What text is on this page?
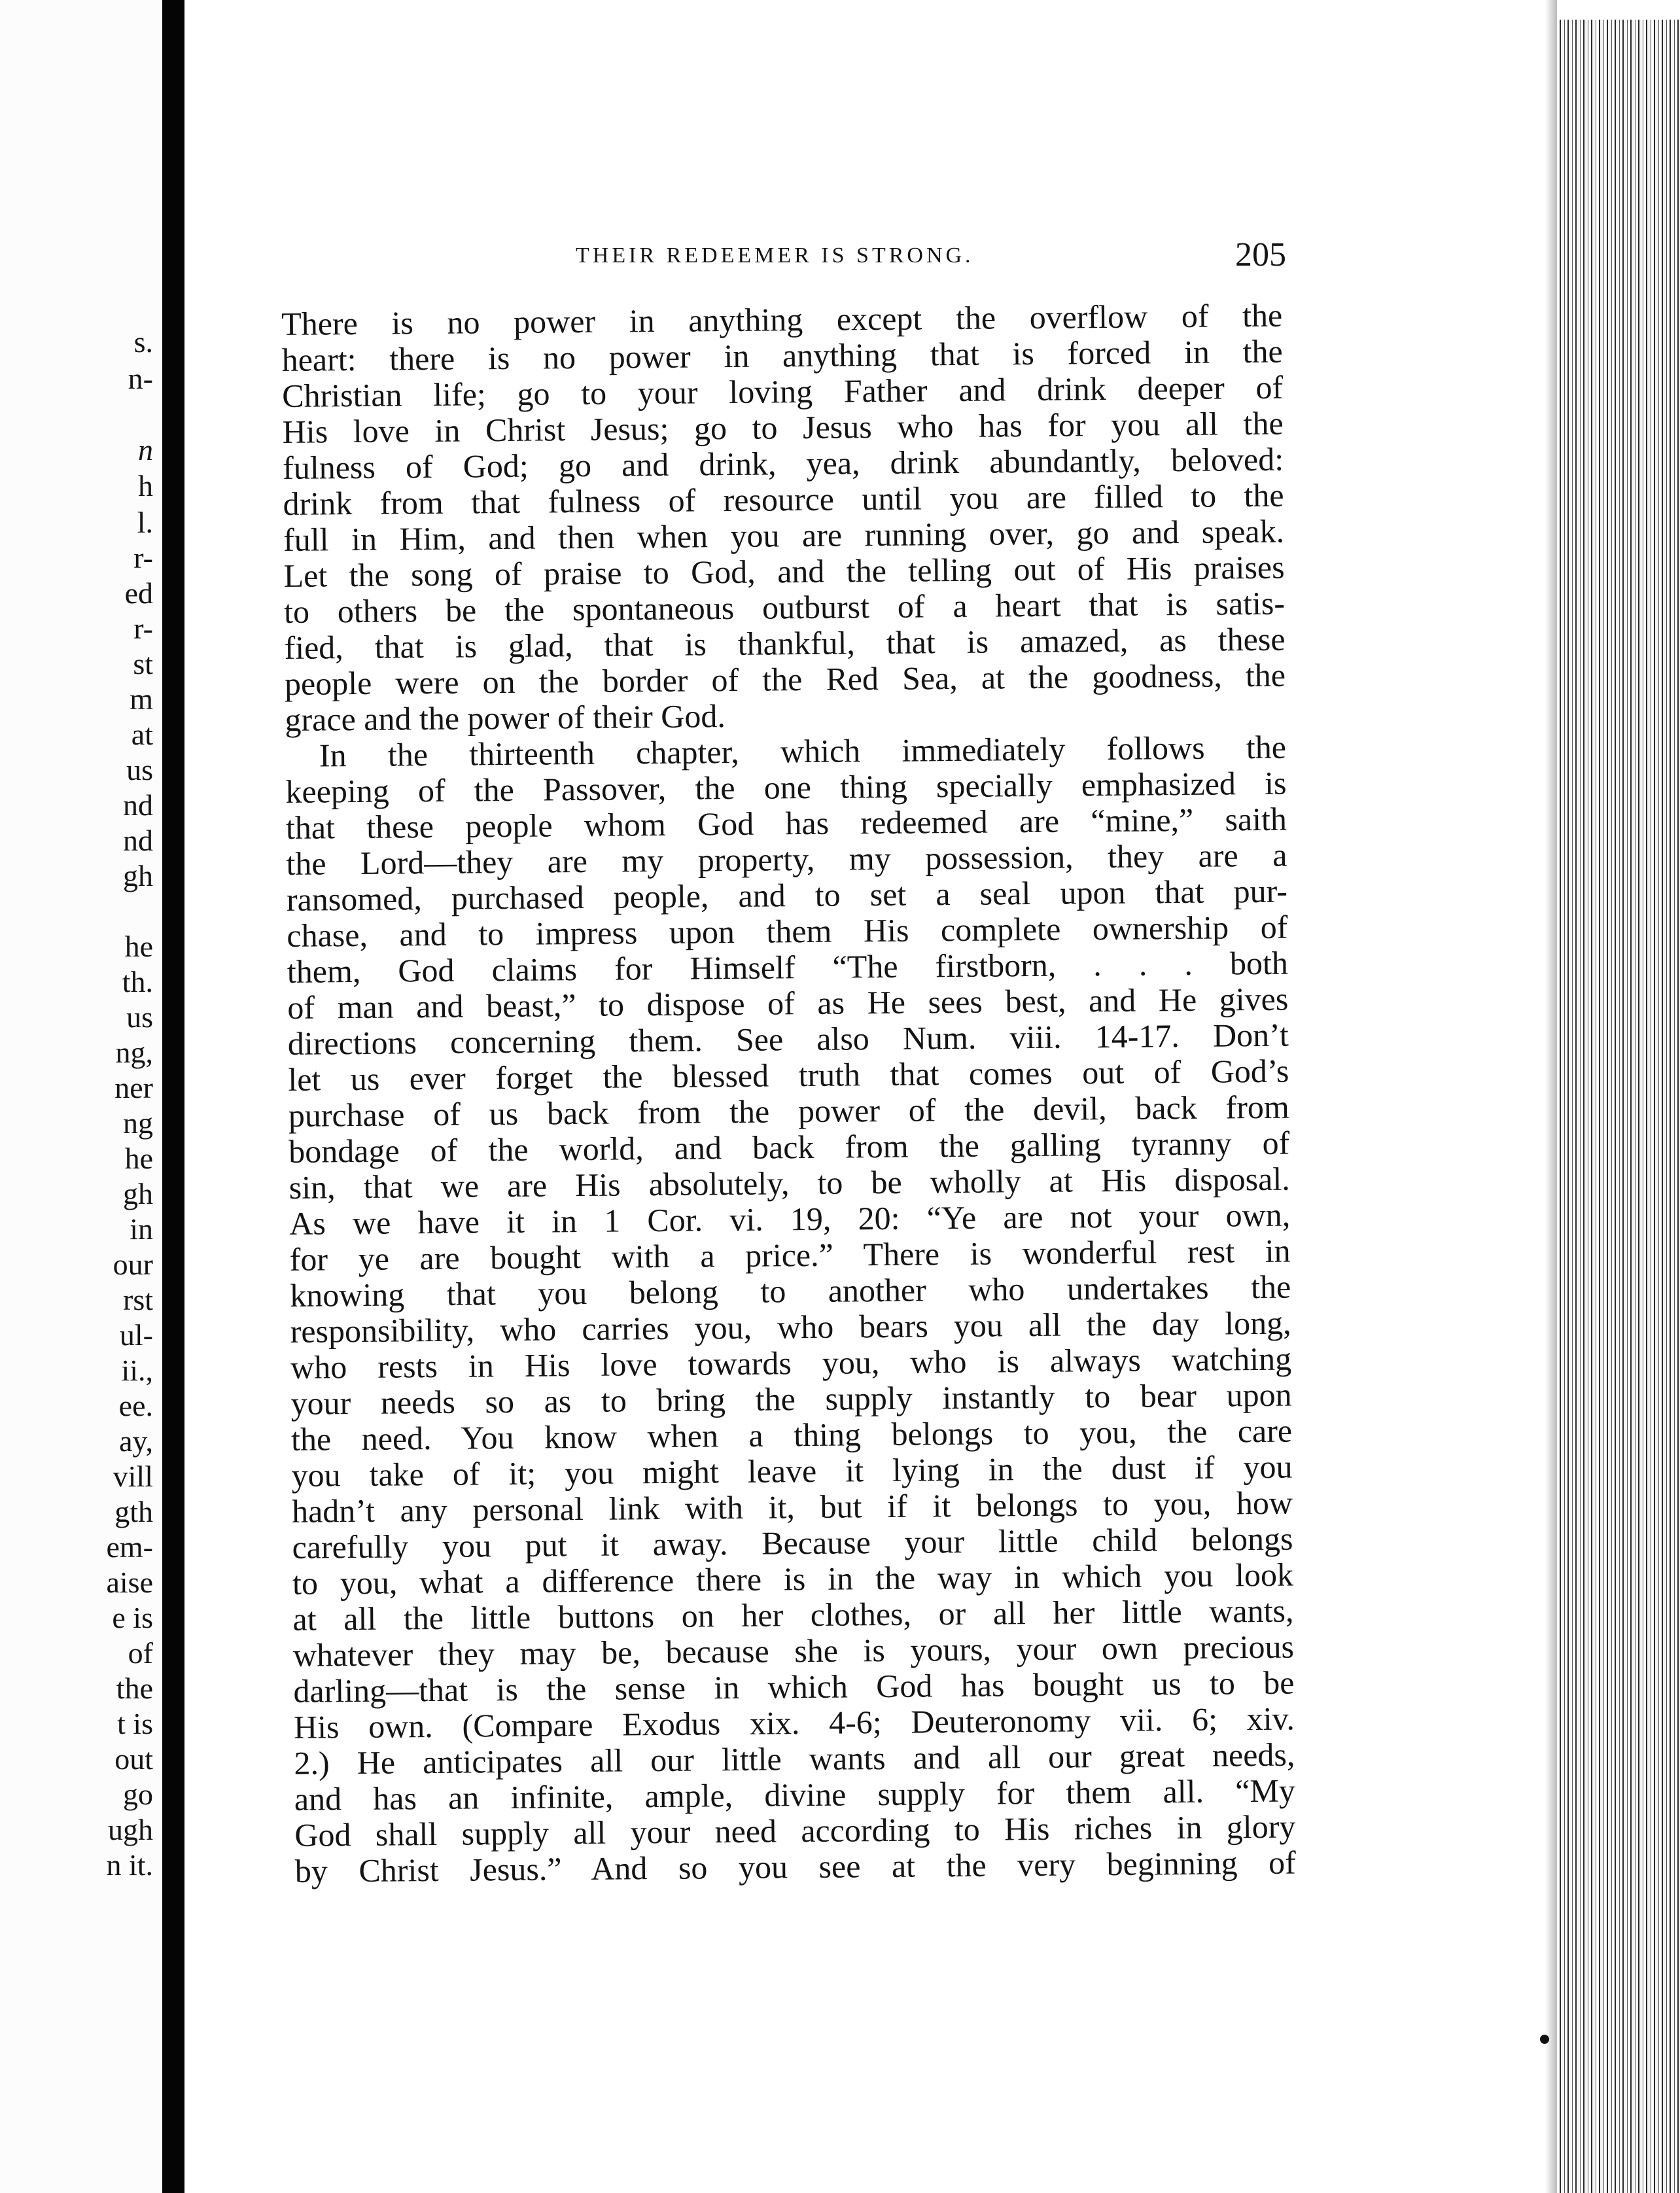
s.
n-
n
h
l.
r-
ed
r-
st
m
at
us
nd
nd
gh
he
th.
us
ng,
ner
ng
he
gh
in
our
rst
ul-
ii.,
ee.
ay,
vill
gth
em-
aise
e is
of
the
t is
out
go
ugh
n it.
THEIR REDEEMER IS STRONG.	205
There is no power in anything except the overflow of the
heart: there is no power in anything that is forced in the
Christian life; go to your loving Father and drink deeper of
His love in Christ Jesus; go to Jesus who has for you all the
fulness of God; go and drink, yea, drink abundantly, beloved:
drink from that fulness of resource until you are filled to the
full in Him, and then when you are running over, go and speak.
Let the song of praise to God, and the telling out of His praises
to others be the spontaneous outburst of a heart that is satis-
fied, that is glad, that is thankful, that is amazed, as these
people were on the border of the Red Sea, at the goodness, the
grace and the power of their God.
In the thirteenth chapter, which immediately follows the
keeping of the Passover, the one thing specially emphasized is
that these people whom God has redeemed are “mine,” saith
the Lord—they are my property, my possession, they are a
ransomed, purchased people, and to set a seal upon that pur-
chase, and to impress upon them His complete ownership of
them, God claims for Himself “The firstborn, . . . both
of man and beast,” to dispose of as He sees best, and He gives
directions concerning them. See also Num. viii. 14-17. Don’t
let us ever forget the blessed truth that comes out of God’s
purchase of us back from the power of the devil, back from
bondage of the world, and back from the galling tyranny of
sin, that we are His absolutely, to be wholly at His disposal.
As we have it in 1 Cor. vi. 19, 20: “Ye are not your own,
for ye are bought with a price.” There is wonderful rest in
knowing that you belong to another who undertakes the
responsibility, who carries you, who bears you all the day long,
who rests in His love towards you, who is always watching
your needs so as to bring the supply instantly to bear upon
the need. You know when a thing belongs to you, the care
you take of it; you might leave it lying in the dust if you
hadn’t any personal link with it, but if it belongs to you, how
carefully you put it away. Because your little child belongs
to you, what a difference there is in the way in which you look
at all the little buttons on her clothes, or all her little wants,
whatever they may be, because she is yours, your own precious
darling—that is the sense in which God has bought us to be
His own. (Compare Exodus xix. 4-6; Deuteronomy vii. 6; xiv.
2.) He anticipates all our little wants and all our great needs,
and has an infinite, ample, divine supply for them all. “My
God shall supply all your need according to His riches in glory
by Christ Jesus.” And so you see at the very beginning of
